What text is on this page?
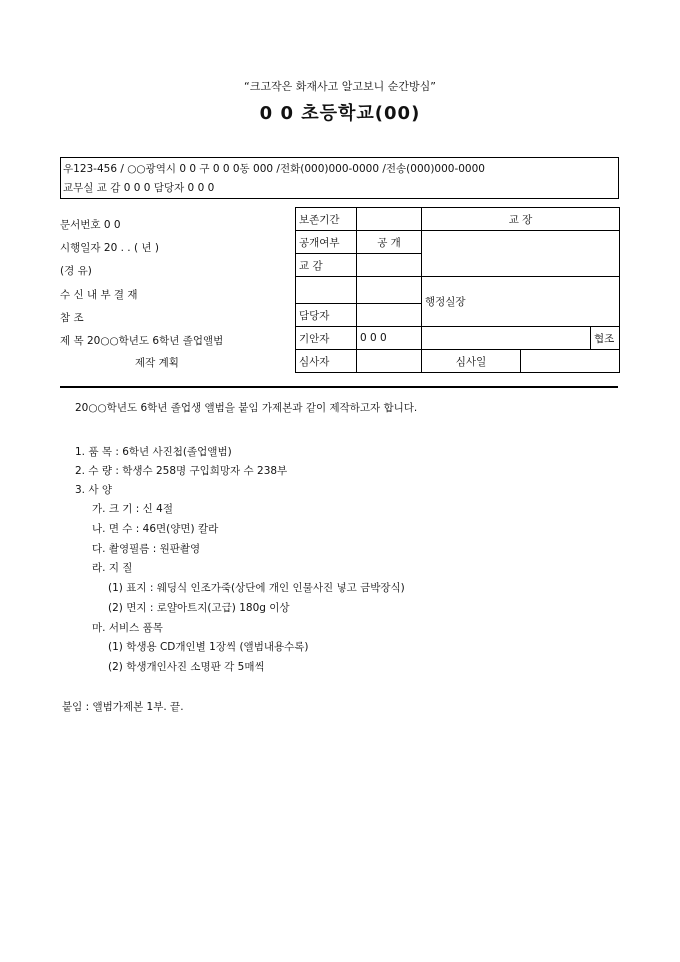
“크고작은 화재사고 알고보니 순간방심”
0 0 초등학교(00)
우123-456 / ○○광역시 0 0 구 0 0 0동 000 /전화(000)000-0000 /전송(000)000-0000
교무실 교 감 0 0 0 담당자 0 0 0
문서번호 0 0
시행일자 20 . . ( 년 )
(경 유)
수 신 내 부 결 재
참 조
제 목 20○○학년도 6학년 졸업앨범
제작 계획
보존기간		교 장		
공개여부	공 개			
교 감				
		행정실장		
담당자				
기안자	0 0 0			협조
심사자		심사일		
20○○학년도 6학년 졸업생 앨범을 붙임 가제본과 같이 제작하고자 합니다.
1. 품 목 : 6학년 사진첩(졸업앨범)
2. 수 량 : 학생수 258명 구입희망자 수 238부
3. 사 양
가. 크 기 : 신 4절
나. 면 수 : 46면(양면) 칼라
다. 촬영필름 : 원판촬영
라. 지 질
(1) 표지 : 웨딩식 인조가죽(상단에 개인 인물사진 넣고 금박장식)
(2) 면지 : 로얄아트지(고급) 180g 이상
마. 서비스 품목
(1) 학생용 CD개인별 1장씩 (앨범내용수록)
(2) 학생개인사진 소명판 각 5매씩
붙임 : 앨범가제본 1부. 끝.
